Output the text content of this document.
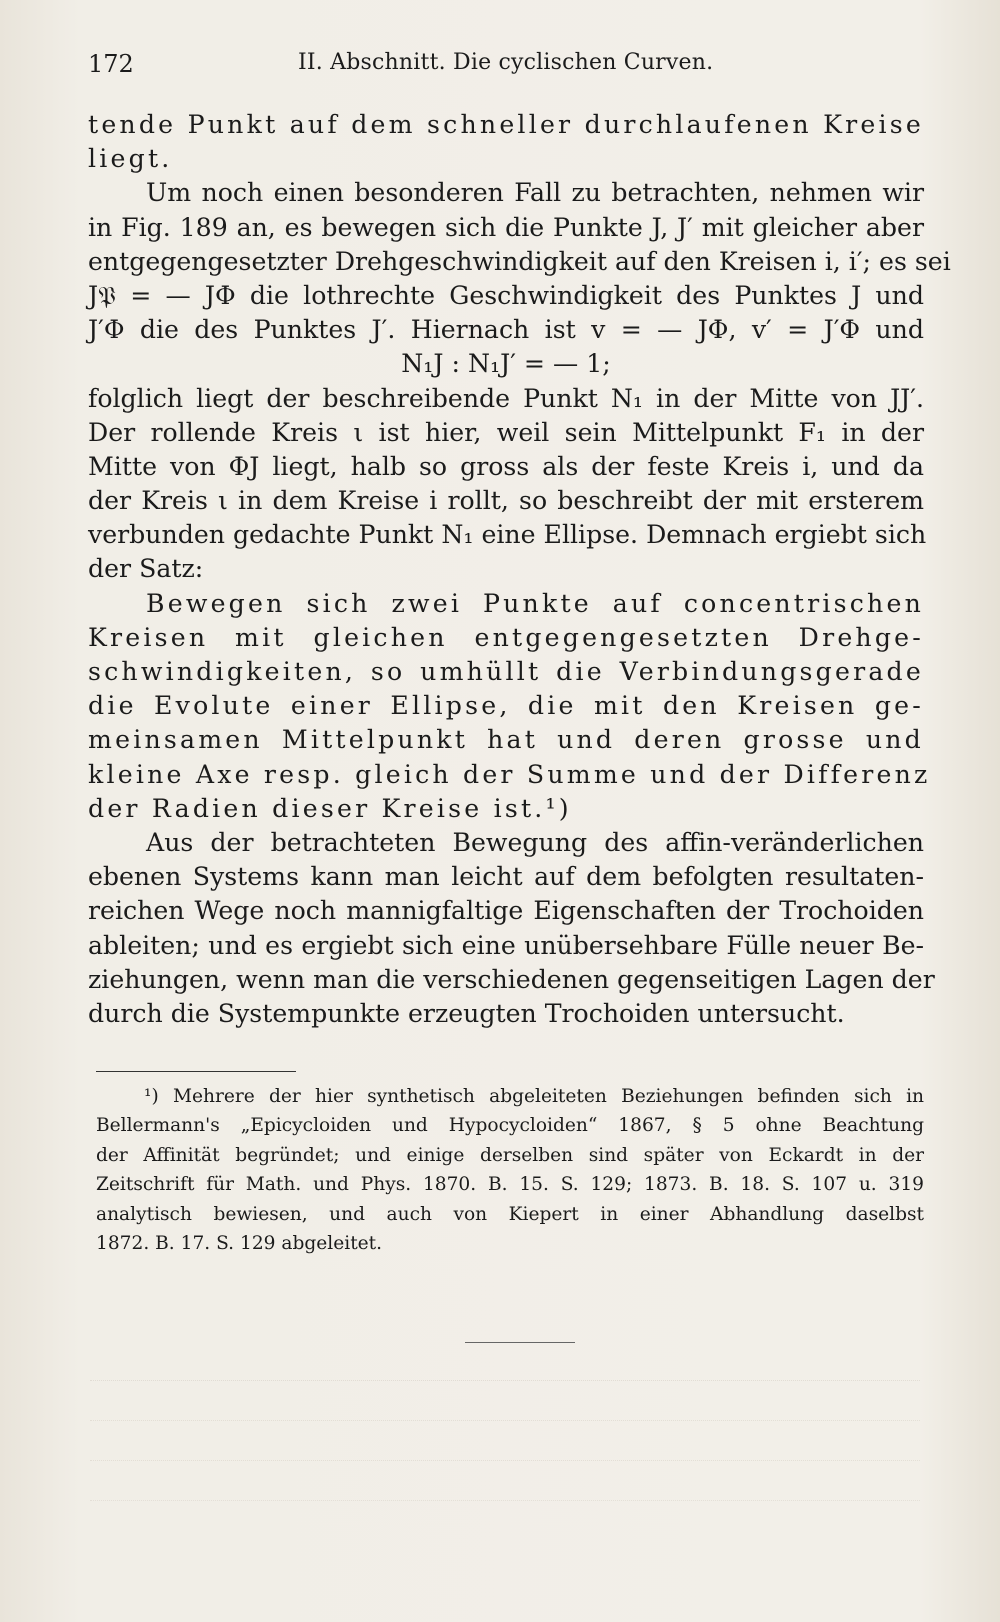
172	II. Abschnitt. Die cyclischen Curven.
tende Punkt auf dem schneller durchlaufenen Kreise
liegt.
Um noch einen besonderen Fall zu betrachten, nehmen wir
in Fig. 189 an, es bewegen sich die Punkte J, J′ mit gleicher aber
entgegengesetzter Drehgeschwindigkeit auf den Kreisen i, i′; es sei
J𝔓 = — JΦ die lothrechte Geschwindigkeit des Punktes J und
J′Φ die des Punktes J′. Hiernach ist v = — JΦ, v′ = J′Φ und
N₁J : N₁J′ = — 1;
folglich liegt der beschreibende Punkt N₁ in der Mitte von JJ′.
Der rollende Kreis ι ist hier, weil sein Mittelpunkt F₁ in der
Mitte von ΦJ liegt, halb so gross als der feste Kreis i, und da
der Kreis ι in dem Kreise i rollt, so beschreibt der mit ersterem
verbunden gedachte Punkt N₁ eine Ellipse. Demnach ergiebt sich
der Satz:
Bewegen sich zwei Punkte auf concentrischen
Kreisen mit gleichen entgegengesetzten Drehge-
schwindigkeiten, so umhüllt die Verbindungsgerade
die Evolute einer Ellipse, die mit den Kreisen ge-
meinsamen Mittelpunkt hat und deren grosse und
kleine Axe resp. gleich der Summe und der Differenz
der Radien dieser Kreise ist.¹)
Aus der betrachteten Bewegung des affin-veränderlichen
ebenen Systems kann man leicht auf dem befolgten resultaten-
reichen Wege noch mannigfaltige Eigenschaften der Trochoiden
ableiten; und es ergiebt sich eine unübersehbare Fülle neuer Be-
ziehungen, wenn man die verschiedenen gegenseitigen Lagen der
durch die Systempunkte erzeugten Trochoiden untersucht.
¹) Mehrere der hier synthetisch abgeleiteten Beziehungen befinden sich in
Bellermann's „Epicycloiden und Hypocycloiden“ 1867, § 5 ohne Beachtung
der Affinität begründet; und einige derselben sind später von Eckardt in der
Zeitschrift für Math. und Phys. 1870. B. 15. S. 129; 1873. B. 18. S. 107 u. 319
analytisch bewiesen, und auch von Kiepert in einer Abhandlung daselbst
1872. B. 17. S. 129 abgeleitet.
